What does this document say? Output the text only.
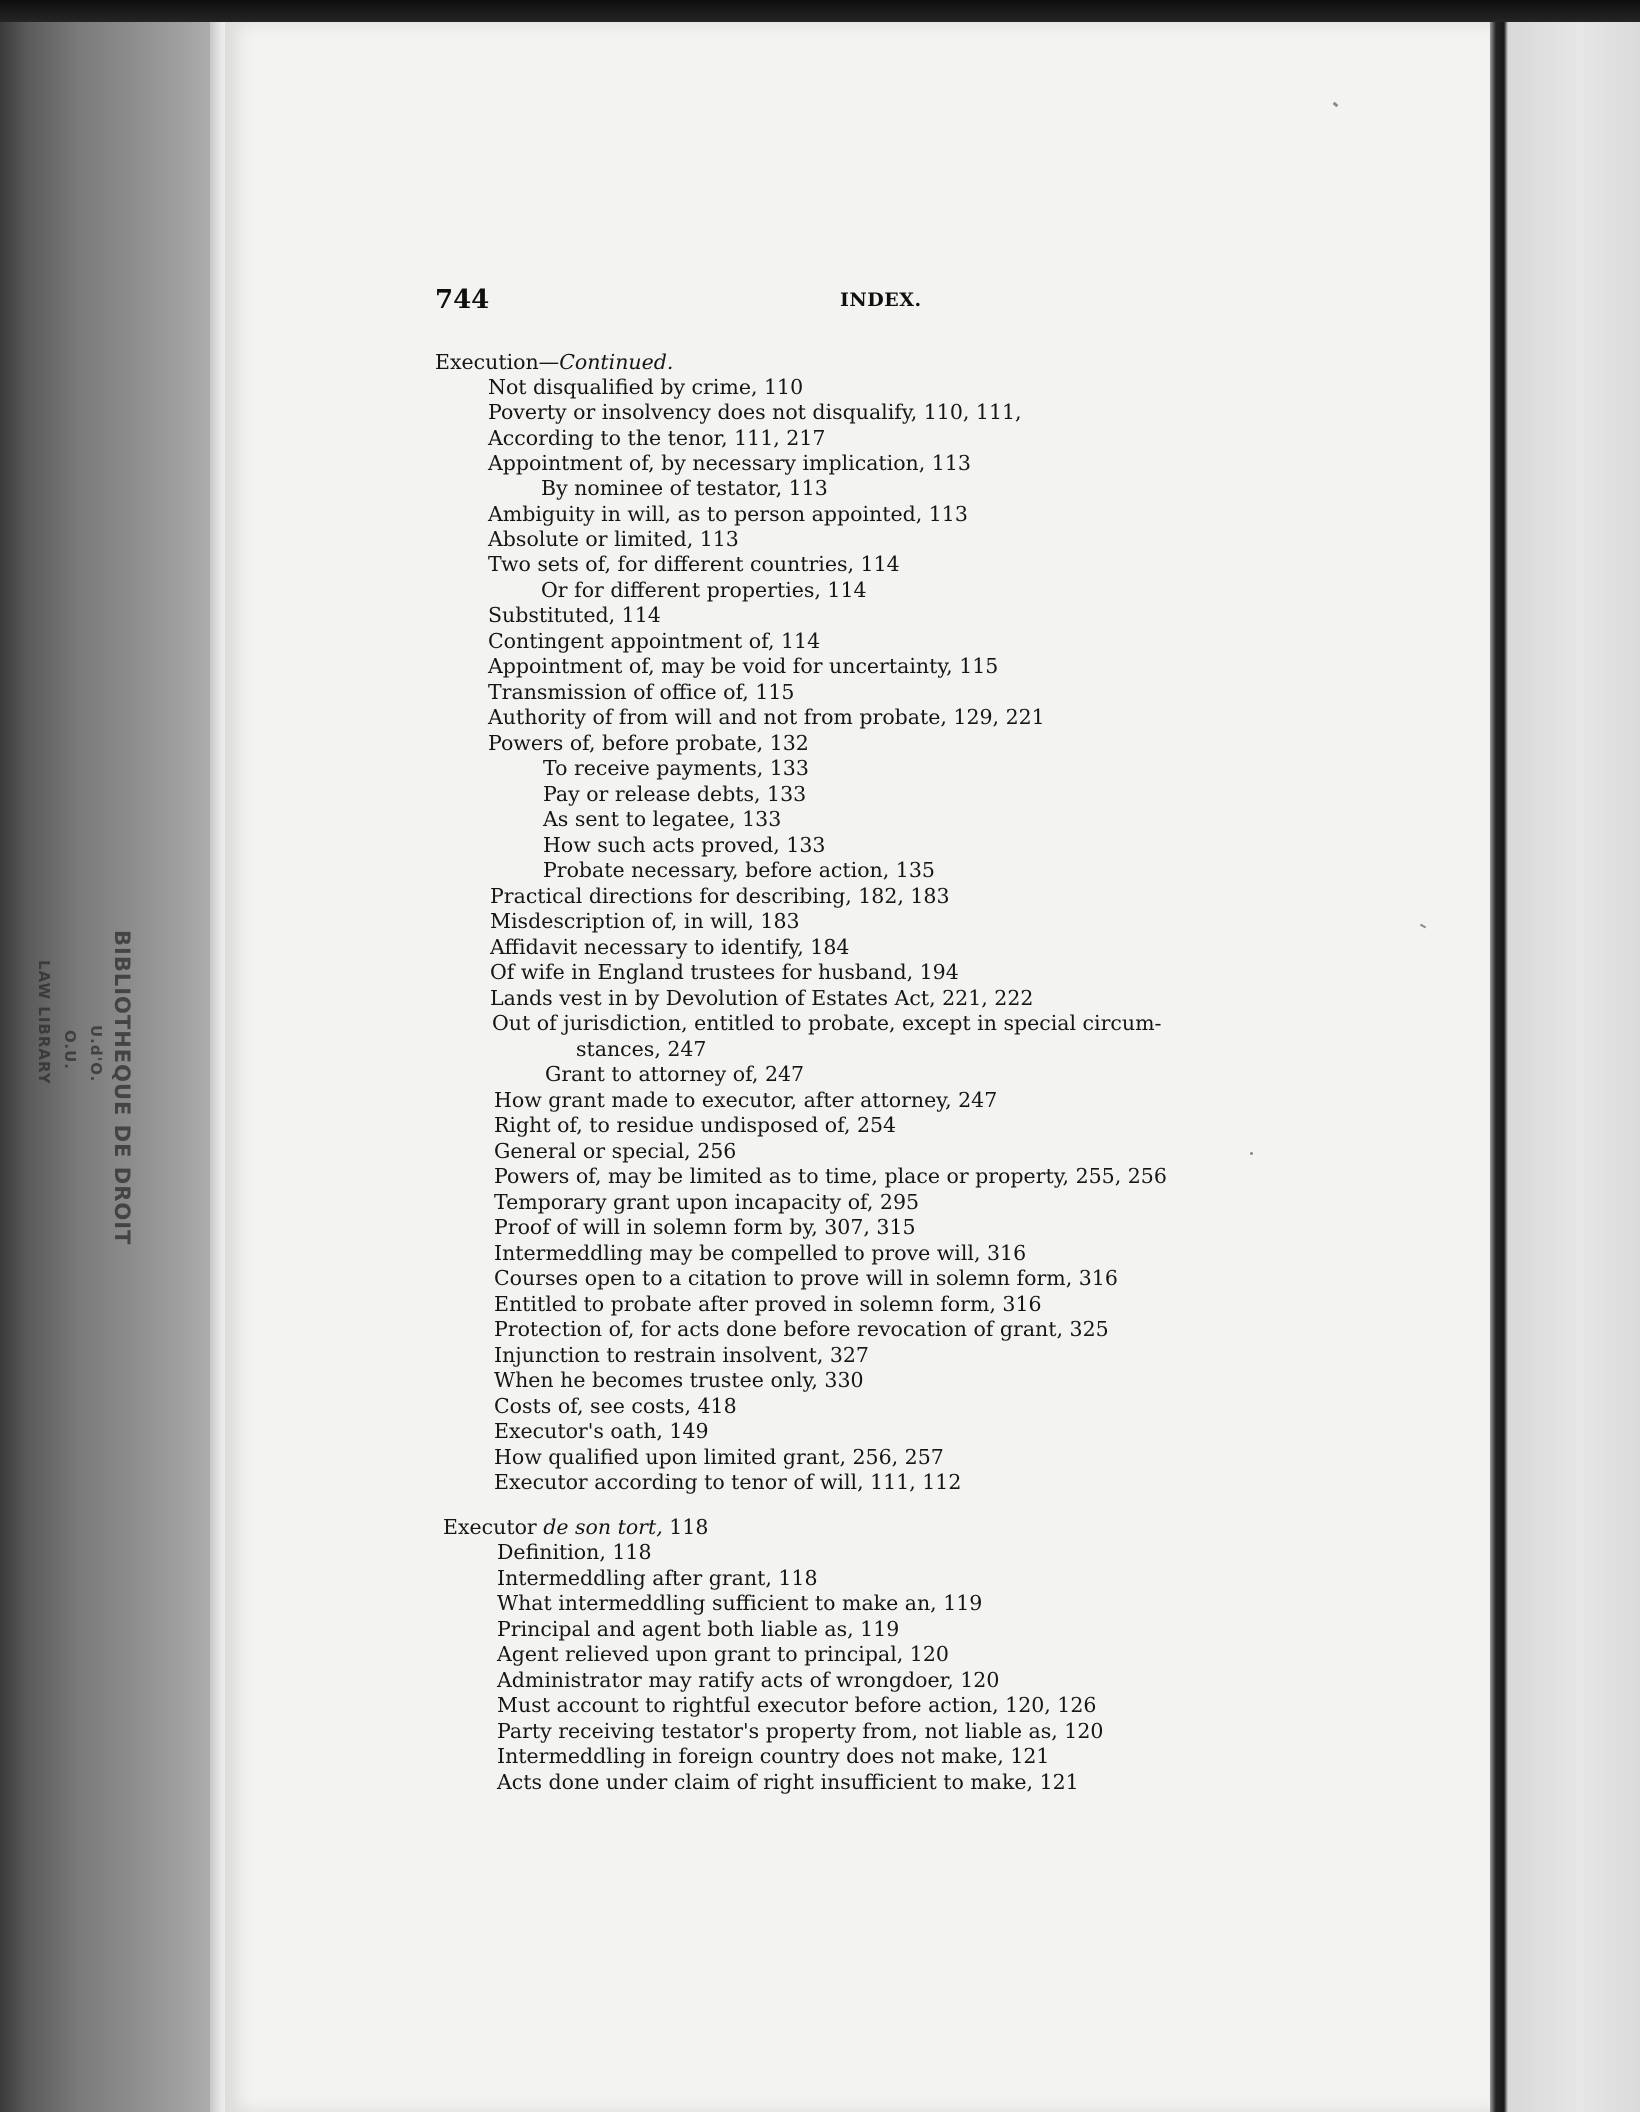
BIBLIOTHEQUE DE DROIT
U.d'O.
O.U.
LAW LIBRARY
744	INDEX.
Execution—Continued.
Not disqualified by crime, 110
Poverty or insolvency does not disqualify, 110, 111,
According to the tenor, 111, 217
Appointment of, by necessary implication, 113
By nominee of testator, 113
Ambiguity in will, as to person appointed, 113
Absolute or limited, 113
Two sets of, for different countries, 114
Or for different properties, 114
Substituted, 114
Contingent appointment of, 114
Appointment of, may be void for uncertainty, 115
Transmission of office of, 115
Authority of from will and not from probate, 129, 221
Powers of, before probate, 132
To receive payments, 133
Pay or release debts, 133
As sent to legatee, 133
How such acts proved, 133
Probate necessary, before action, 135
Practical directions for describing, 182, 183
Misdescription of, in will, 183
Affidavit necessary to identify, 184
Of wife in England trustees for husband, 194
Lands vest in by Devolution of Estates Act, 221, 222
Out of jurisdiction, entitled to probate, except in special circum-
stances, 247
Grant to attorney of, 247
How grant made to executor, after attorney, 247
Right of, to residue undisposed of, 254
General or special, 256
Powers of, may be limited as to time, place or property, 255, 256
Temporary grant upon incapacity of, 295
Proof of will in solemn form by, 307, 315
Intermeddling may be compelled to prove will, 316
Courses open to a citation to prove will in solemn form, 316
Entitled to probate after proved in solemn form, 316
Protection of, for acts done before revocation of grant, 325
Injunction to restrain insolvent, 327
When he becomes trustee only, 330
Costs of, see costs, 418
Executor's oath, 149
How qualified upon limited grant, 256, 257
Executor according to tenor of will, 111, 112
Executor de son tort, 118
Definition, 118
Intermeddling after grant, 118
What intermeddling sufficient to make an, 119
Principal and agent both liable as, 119
Agent relieved upon grant to principal, 120
Administrator may ratify acts of wrongdoer, 120
Must account to rightful executor before action, 120, 126
Party receiving testator's property from, not liable as, 120
Intermeddling in foreign country does not make, 121
Acts done under claim of right insufficient to make, 121
